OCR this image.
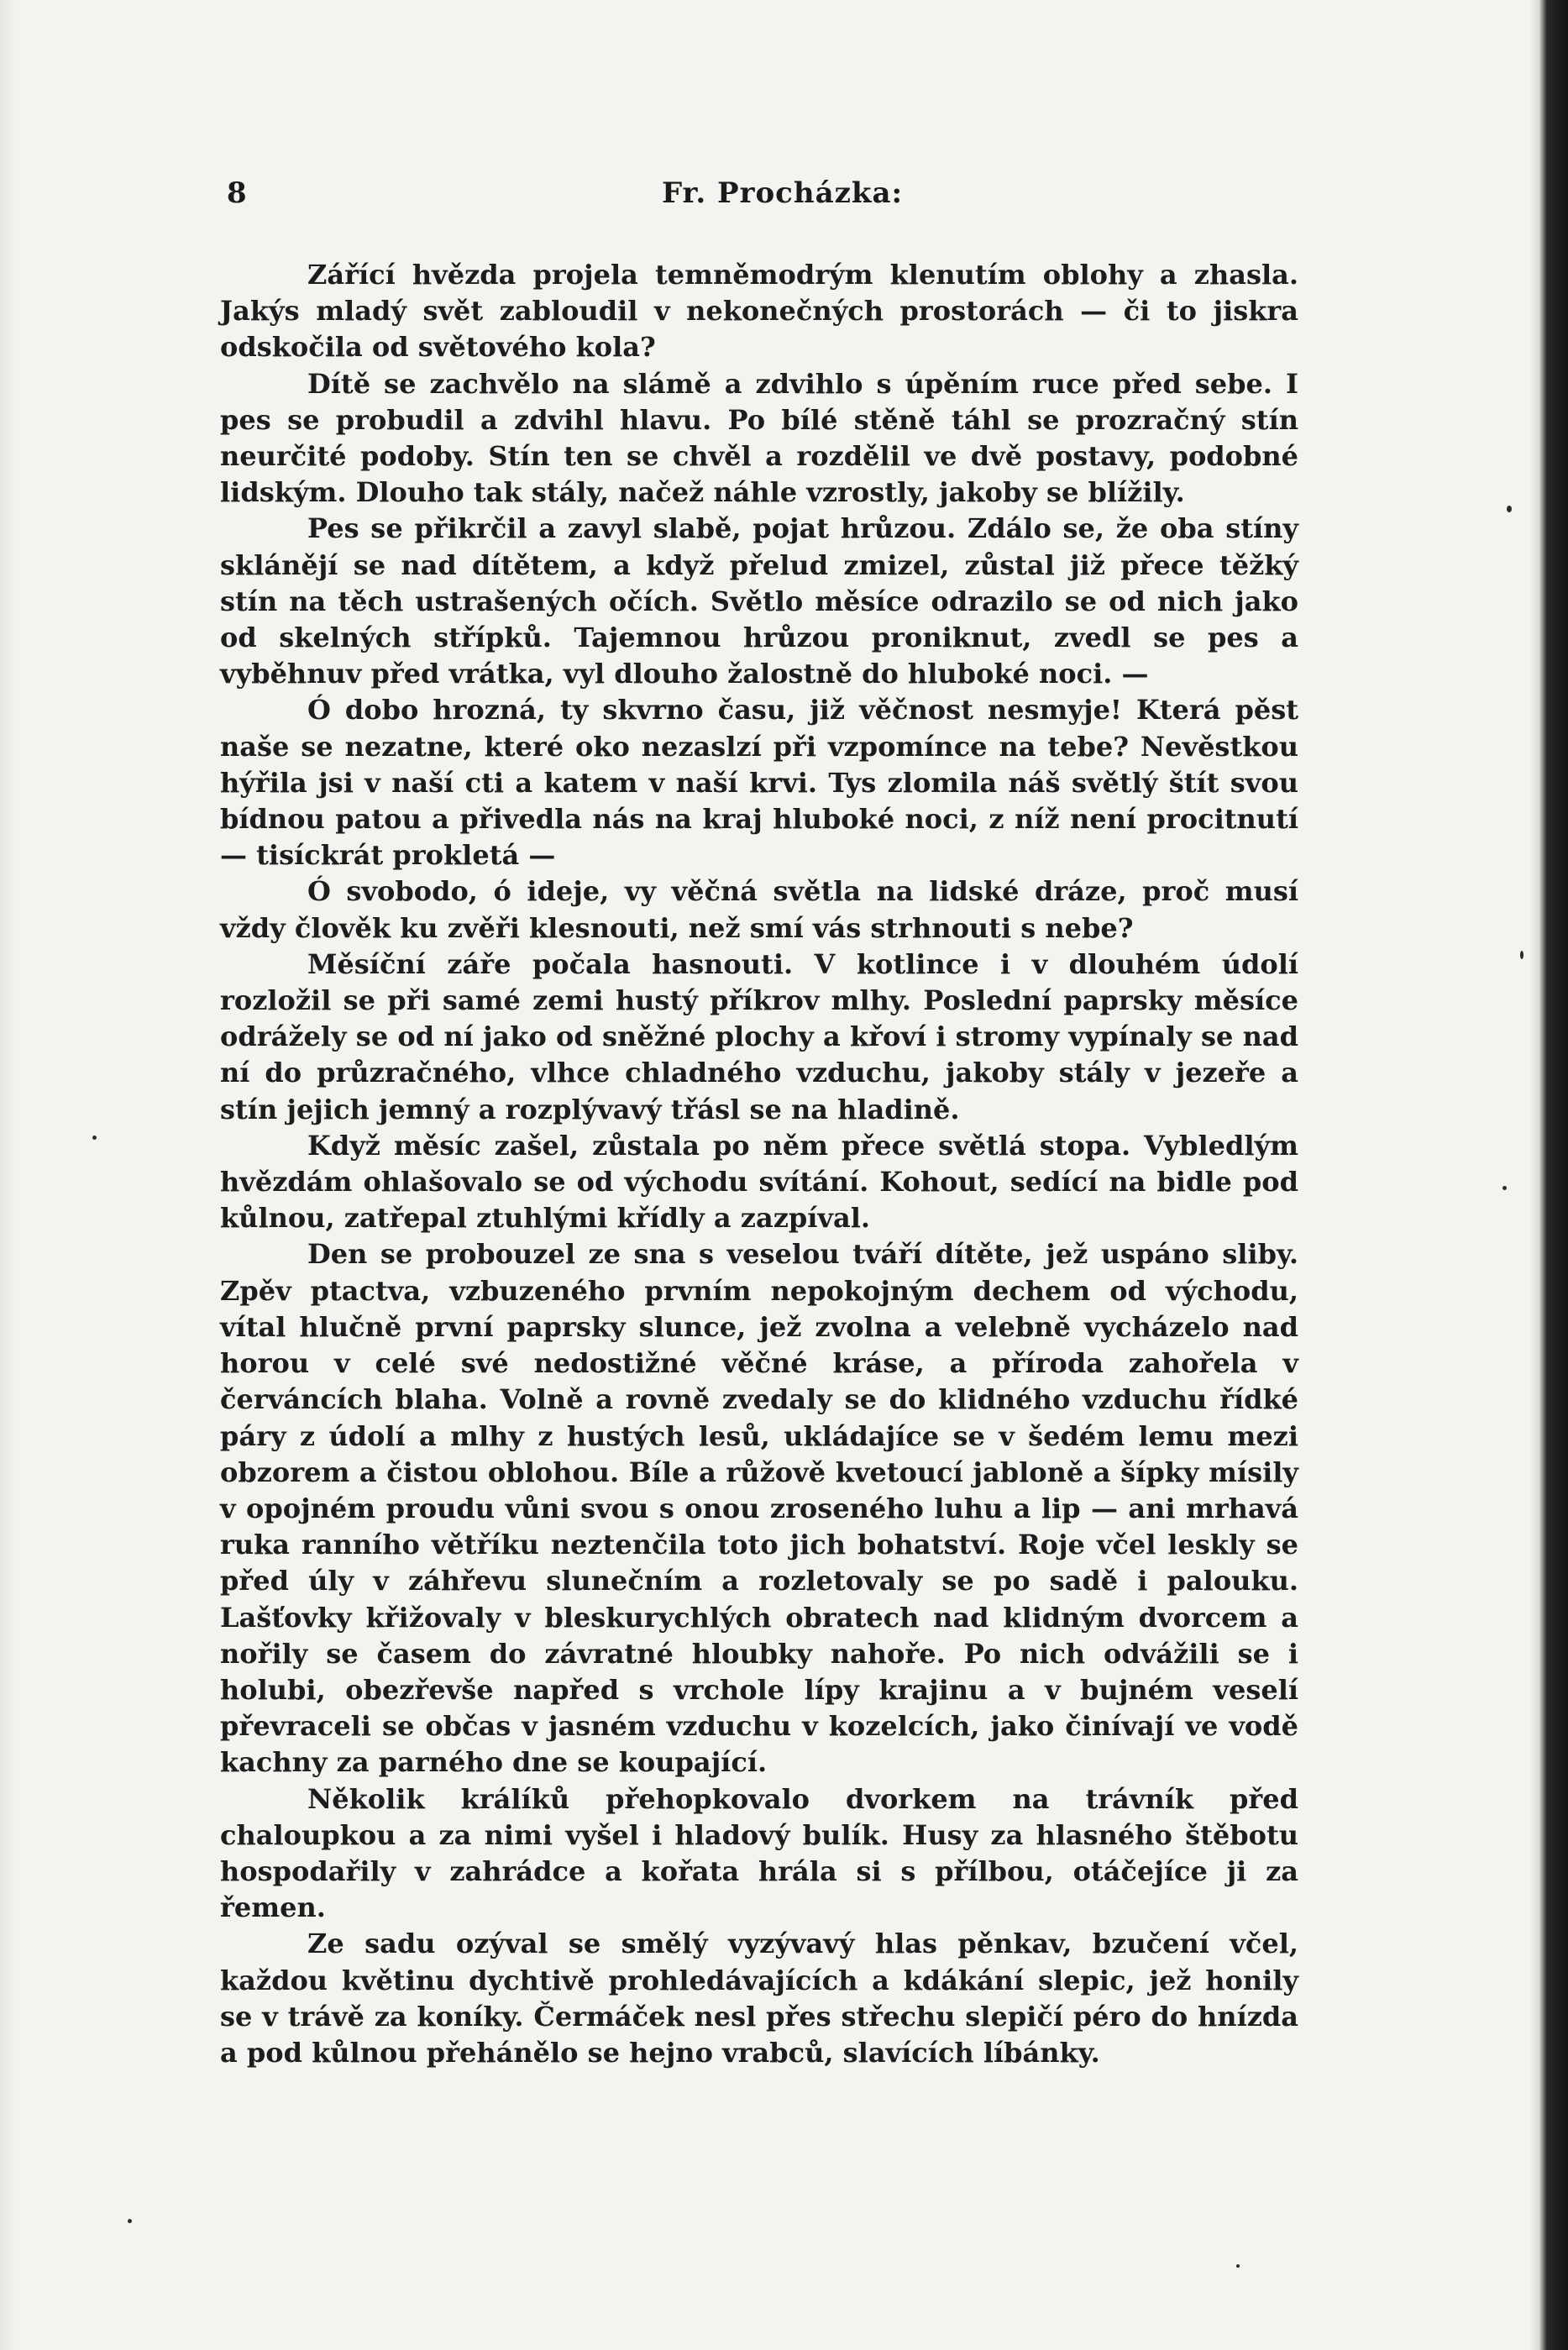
8	Fr. Procházka:

Zářící hvězda projela temněmodrým klenutím oblohy a zhasla. Jakýs mladý svět zabloudil v nekonečných prostorách — či to jiskra odskočila od světového kola?

Dítě se zachvělo na slámě a zdvihlo s úpěním ruce před sebe. I pes se probudil a zdvihl hlavu. Po bílé stěně táhl se prozračný stín neurčité podoby. Stín ten se chvěl a rozdělil ve dvě postavy, podobné lidským. Dlouho tak stály, načež náhle vzrostly, jakoby se blížily.

Pes se přikrčil a zavyl slabě, pojat hrůzou. Zdálo se, že oba stíny sklánějí se nad dítětem, a když přelud zmizel, zůstal již přece těžký stín na těch ustrašených očích. Světlo měsíce odrazilo se od nich jako od skelných střípků. Tajemnou hrůzou proniknut, zvedl se pes a vyběhnuv před vrátka, vyl dlouho žalostně do hluboké noci. —

Ó dobo hrozná, ty skvrno času, již věčnost nesmyje! Která pěst naše se nezatne, které oko nezaslzí při vzpomínce na tebe? Nevěstkou hýřila jsi v naší cti a katem v naší krvi. Tys zlomila náš světlý štít svou bídnou patou a přivedla nás na kraj hluboké noci, z níž není procitnutí — tisíckrát prokletá —

Ó svobodo, ó ideje, vy věčná světla na lidské dráze, proč musí vždy člověk ku zvěři klesnouti, než smí vás strhnouti s nebe?

Měsíční záře počala hasnouti. V kotlince i v dlouhém údolí rozložil se při samé zemi hustý příkrov mlhy. Poslední paprsky měsíce odrážely se od ní jako od sněžné plochy a křoví i stromy vypínaly se nad ní do průzračného, vlhce chladného vzduchu, jakoby stály v jezeře a stín jejich jemný a rozplývavý třásl se na hladině.

Když měsíc zašel, zůstala po něm přece světlá stopa. Vybledlým hvězdám ohlašovalo se od východu svítání. Kohout, sedící na bidle pod kůlnou, zatřepal ztuhlými křídly a zazpíval.

Den se probouzel ze sna s veselou tváří dítěte, jež uspáno sliby. Zpěv ptactva, vzbuzeného prvním nepokojným dechem od východu, vítal hlučně první paprsky slunce, jež zvolna a velebně vycházelo nad horou v celé své nedostižné věčné kráse, a příroda zahořela v červáncích blaha. Volně a rovně zvedaly se do klidného vzduchu řídké páry z údolí a mlhy z hustých lesů, ukládajíce se v šedém lemu mezi obzorem a čistou oblohou. Bíle a růžově kvetoucí jabloně a šípky mísily v opojném proudu vůni svou s onou zroseného luhu a lip — ani mrhavá ruka ranního větříku neztenčila toto jich bohatství. Roje včel leskly se před úly v záhřevu slunečním a rozletovaly se po sadě i palouku. Lašťovky křižovaly v bleskurychlých obratech nad klidným dvorcem a nořily se časem do závratné hloubky nahoře. Po nich odvážili se i holubi, obezřevše napřed s vrchole lípy krajinu a v bujném veselí převraceli se občas v jasném vzduchu v kozelcích, jako činívají ve vodě kachny za parného dne se koupající.

Několik králíků přehopkovalo dvorkem na trávník před chaloupkou a za nimi vyšel i hladový bulík. Husy za hlasného štěbotu hospodařily v zahrádce a kořata hrála si s přílbou, otáčejíce ji za řemen.

Ze sadu ozýval se smělý vyzývavý hlas pěnkav, bzučení včel, každou květinu dychtivě prohledávajících a kdákání slepic, jež honily se v trávě za koníky. Čermáček nesl přes střechu slepičí péro do hnízda a pod kůlnou přehánělo se hejno vrabců, slavících líbánky.
